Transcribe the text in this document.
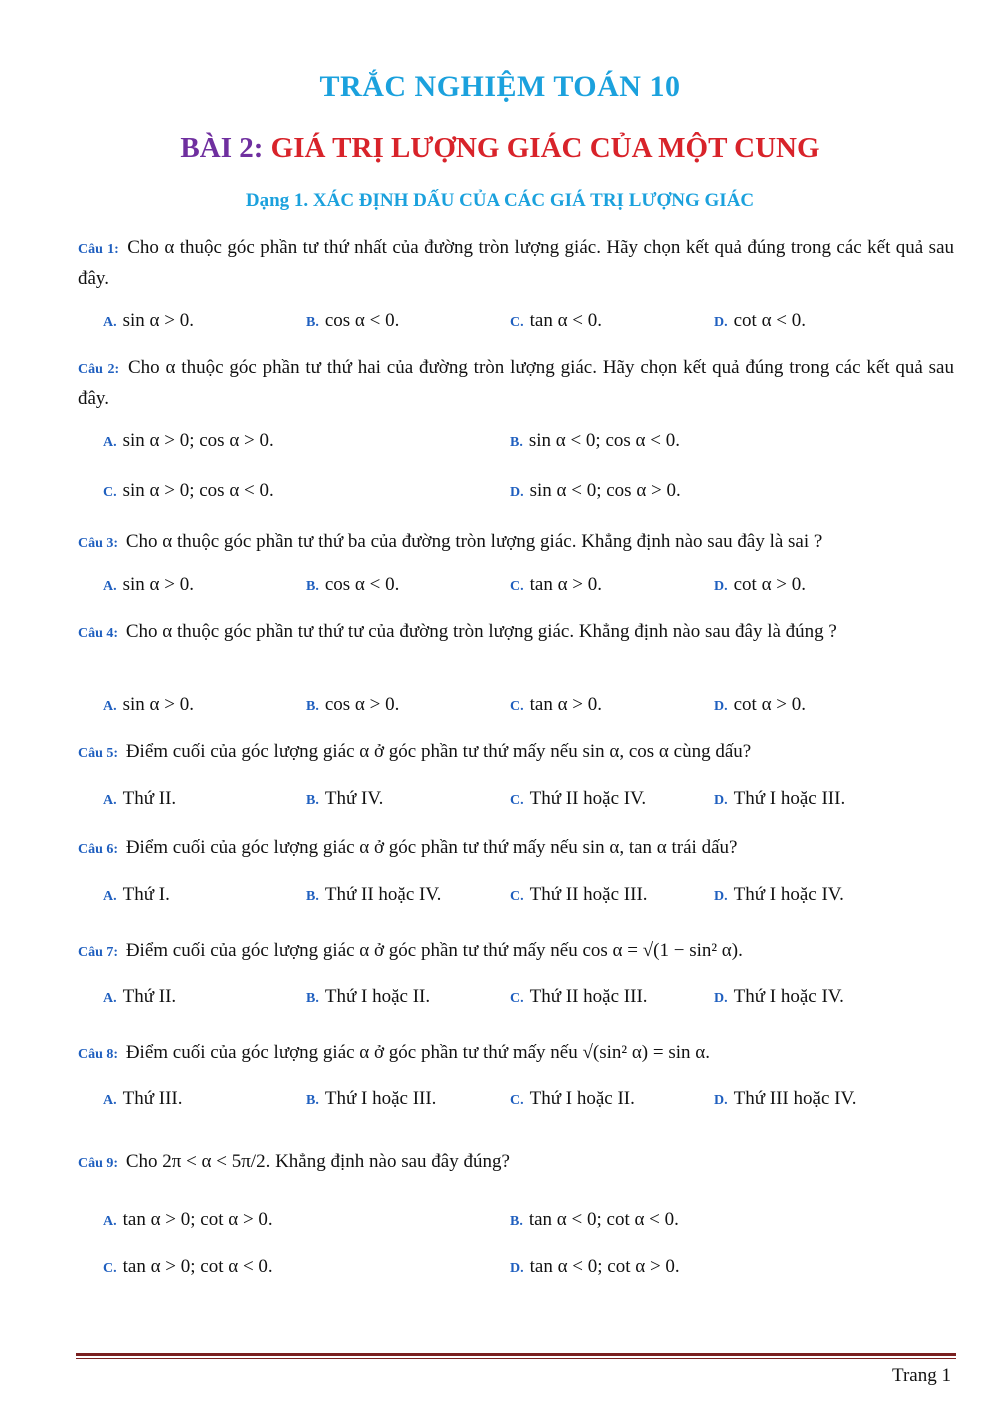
TRẮC NGHIỆM TOÁN 10
BÀI 2: GIÁ TRỊ LƯỢNG GIÁC CỦA MỘT CUNG
Dạng 1. XÁC ĐỊNH DẤU CỦA CÁC GIÁ TRỊ LƯỢNG GIÁC
Câu 1: Cho α thuộc góc phần tư thứ nhất của đường tròn lượng giác. Hãy chọn kết quả đúng trong các kết quả sau đây.
A. sin α > 0.	B. cos α < 0.	C. tan α < 0.	D. cot α < 0.
Câu 2: Cho α thuộc góc phần tư thứ hai của đường tròn lượng giác. Hãy chọn kết quả đúng trong các kết quả sau đây.
A. sin α > 0; cos α > 0.	B. sin α < 0; cos α < 0.
C. sin α > 0; cos α < 0.	D. sin α < 0; cos α > 0.
Câu 3: Cho α thuộc góc phần tư thứ ba của đường tròn lượng giác. Khẳng định nào sau đây là sai ?
A. sin α > 0.	B. cos α < 0.	C. tan α > 0.	D. cot α > 0.
Câu 4: Cho α thuộc góc phần tư thứ tư của đường tròn lượng giác. Khẳng định nào sau đây là đúng ?
A. sin α > 0.	B. cos α > 0.	C. tan α > 0.	D. cot α > 0.
Câu 5: Điểm cuối của góc lượng giác α ở góc phần tư thứ mấy nếu sin α, cos α cùng dấu?
A. Thứ II.	B. Thứ IV.	C. Thứ II hoặc IV.	D. Thứ I hoặc III.
Câu 6: Điểm cuối của góc lượng giác α ở góc phần tư thứ mấy nếu sin α, tan α trái dấu?
A. Thứ I.	B. Thứ II hoặc IV.	C. Thứ II hoặc III.	D. Thứ I hoặc IV.
Câu 7: Điểm cuối của góc lượng giác α ở góc phần tư thứ mấy nếu cos α = √(1 − sin² α).
A. Thứ II.	B. Thứ I hoặc II.	C. Thứ II hoặc III.	D. Thứ I hoặc IV.
Câu 8: Điểm cuối của góc lượng giác α ở góc phần tư thứ mấy nếu √(sin² α) = sin α.
A. Thứ III.	B. Thứ I hoặc III.	C. Thứ I hoặc II.	D. Thứ III hoặc IV.
Câu 9: Cho 2π < α < 5π/2. Khẳng định nào sau đây đúng?
A. tan α > 0; cot α > 0.	B. tan α < 0; cot α < 0.
C. tan α > 0; cot α < 0.	D. tan α < 0; cot α > 0.
Trang 1
